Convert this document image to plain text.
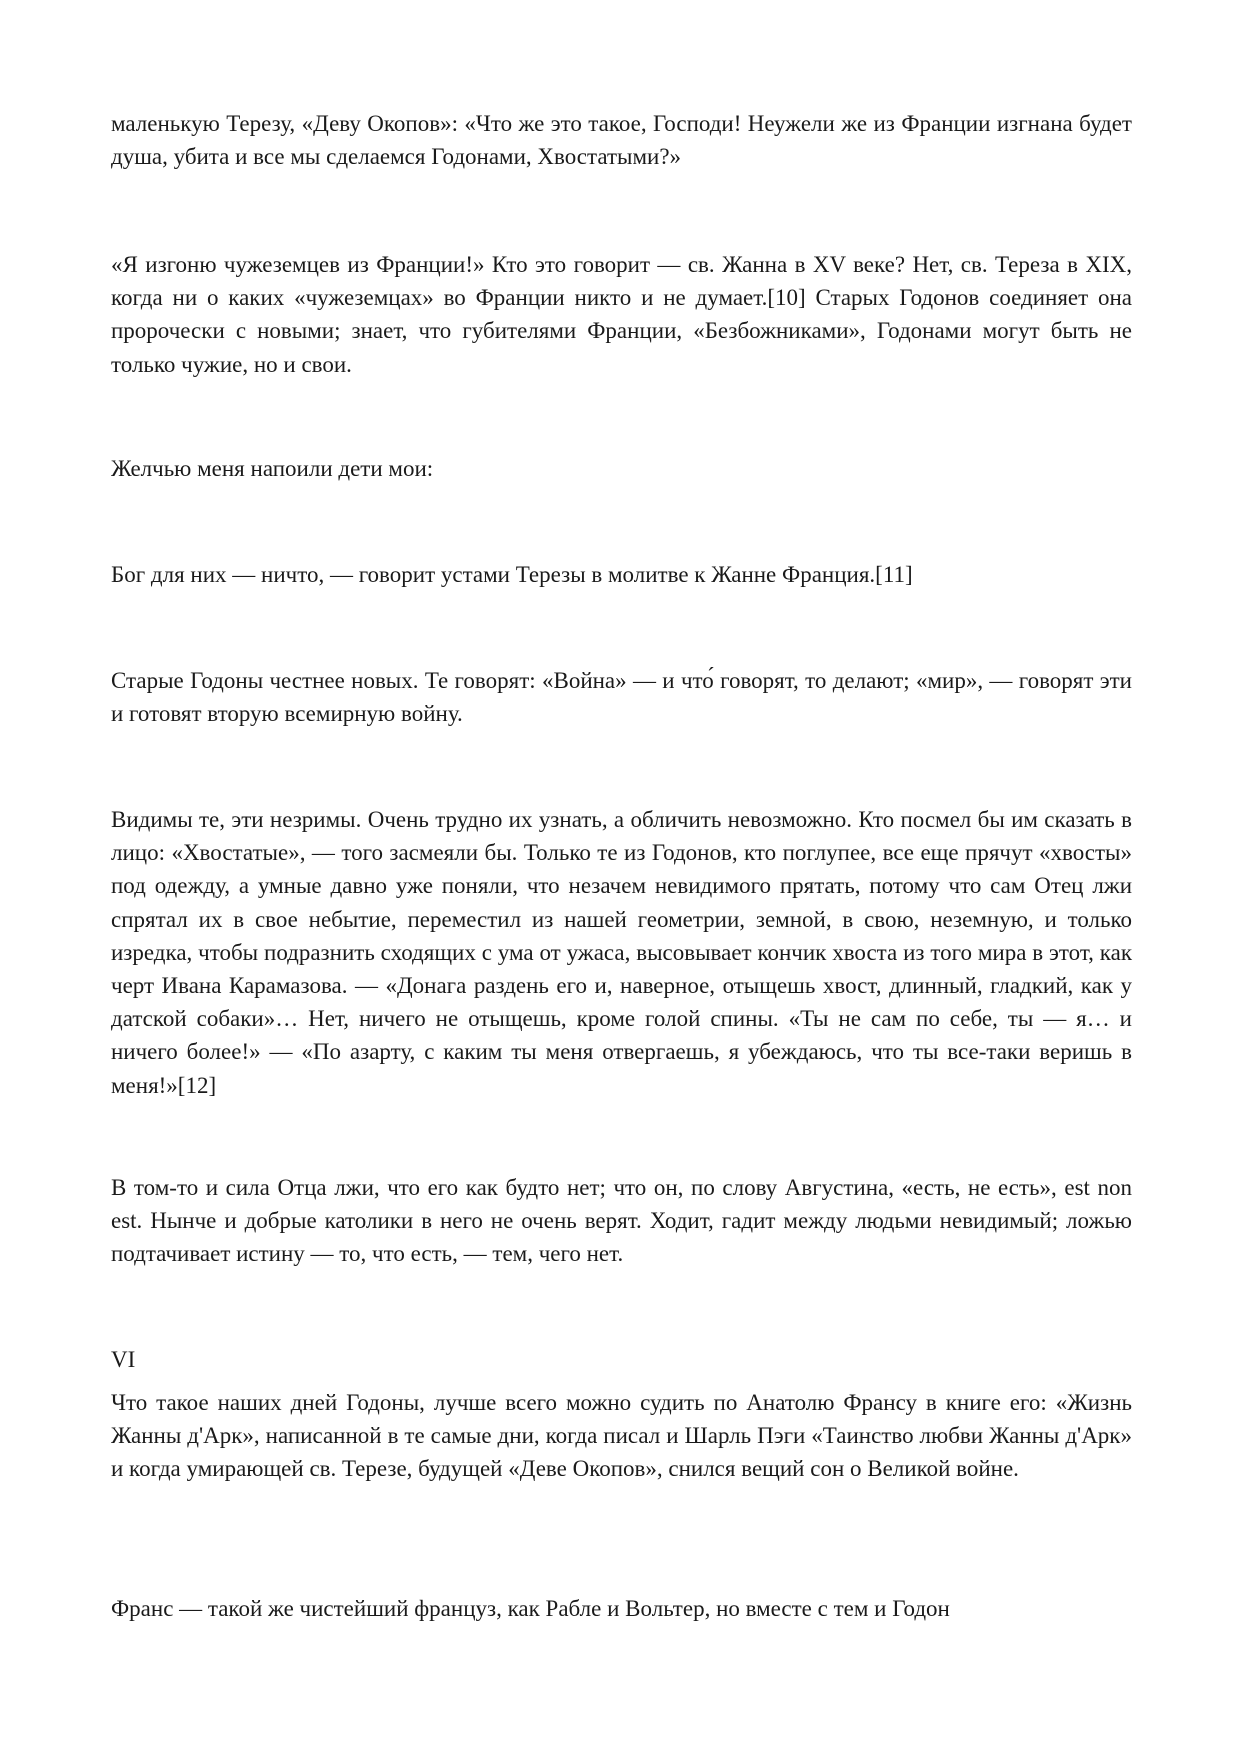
маленькую Терезу, «Деву Окопов»: «Что же это такое, Господи! Неужели же из Франции изгнана будет душа, убита и все мы сделаемся Годонами, Хвостатыми?»

«Я изгоню чужеземцев из Франции!» Кто это говорит — св. Жанна в XV веке? Нет, св. Тереза в XIX, когда ни о каких «чужеземцах» во Франции никто и не думает.[10] Старых Годонов соединяет она пророчески с новыми; знает, что губителями Франции, «Безбожниками», Годонами могут быть не только чужие, но и свои.

Желчью меня напоили дети мои:

Бог для них — ничто, — говорит устами Терезы в молитве к Жанне Франция.[11]

Старые Годоны честнее новых. Те говорят: «Война» — и что́ говорят, то делают; «мир», — говорят эти и готовят вторую всемирную войну.

Видимы те, эти незримы. Очень трудно их узнать, а обличить невозможно. Кто посмел бы им сказать в лицо: «Хвостатые», — того засмеяли бы. Только те из Годонов, кто поглупее, все еще прячут «хвосты» под одежду, а умные давно уже поняли, что незачем невидимого прятать, потому что сам Отец лжи спрятал их в свое небытие, переместил из нашей геометрии, земной, в свою, неземную, и только изредка, чтобы подразнить сходящих с ума от ужаса, высовывает кончик хвоста из того мира в этот, как черт Ивана Карамазова. — «Донага раздень его и, наверное, отыщешь хвост, длинный, гладкий, как у датской собаки»… Нет, ничего не отыщешь, кроме голой спины. «Ты не сам по себе, ты — я… и ничего более!» — «По азарту, с каким ты меня отвергаешь, я убеждаюсь, что ты все-таки веришь в меня!»[12]

В том-то и сила Отца лжи, что его как будто нет; что он, по слову Августина, «есть, не есть», est non est. Нынче и добрые католики в него не очень верят. Ходит, гадит между людьми невидимый; ложью подтачивает истину — то, что есть, — тем, чего нет.

VI

Что такое наших дней Годоны, лучше всего можно судить по Анатолю Франсу в книге его: «Жизнь Жанны д'Арк», написанной в те самые дни, когда писал и Шарль Пэги «Таинство любви Жанны д'Арк» и когда умирающей св. Терезе, будущей «Деве Окопов», снился вещий сон о Великой войне.

Франс — такой же чистейший француз, как Рабле и Вольтер, но вместе с тем и Годон
